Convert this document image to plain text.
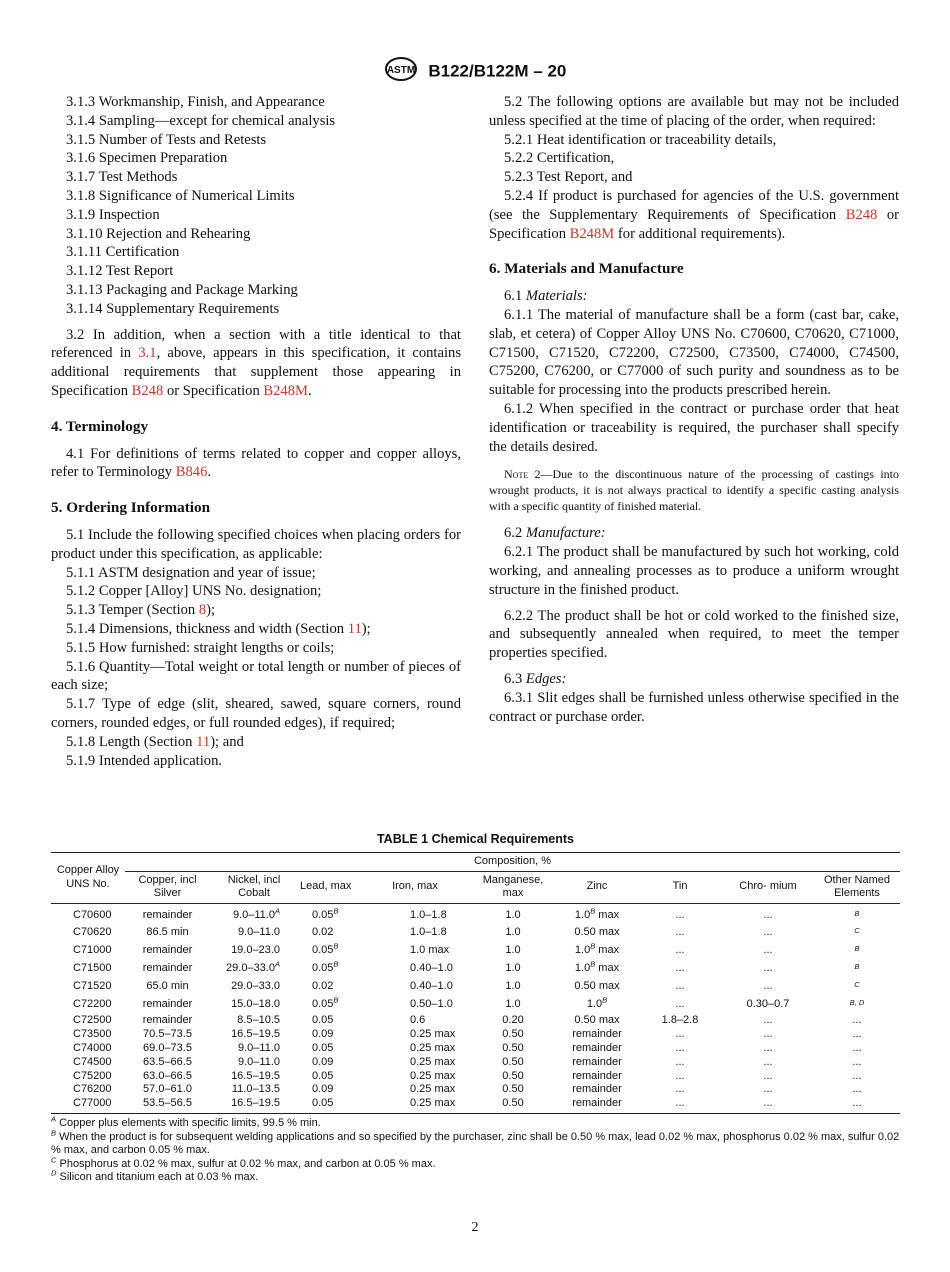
ASTM B122/B122M – 20

3.1.3 Workmanship, Finish, and Appearance

3.1.4 Sampling—except for chemical analysis

3.1.5 Number of Tests and Retests

3.1.6 Specimen Preparation

3.1.7 Test Methods

3.1.8 Significance of Numerical Limits

3.1.9 Inspection

3.1.10 Rejection and Rehearing

3.1.11 Certification

3.1.12 Test Report

3.1.13 Packaging and Package Marking

3.1.14 Supplementary Requirements

3.2 In addition, when a section with a title identical to that referenced in 3.1, above, appears in this specification, it contains additional requirements that supplement those appearing in Specification B248 or Specification B248M.

4. Terminology

4.1 For definitions of terms related to copper and copper alloys, refer to Terminology B846.

5. Ordering Information

5.1 Include the following specified choices when placing orders for product under this specification, as applicable:

5.1.1 ASTM designation and year of issue;

5.1.2 Copper [Alloy] UNS No. designation;

5.1.3 Temper (Section 8);

5.1.4 Dimensions, thickness and width (Section 11);

5.1.5 How furnished: straight lengths or coils;

5.1.6 Quantity—Total weight or total length or number of pieces of each size;

5.1.7 Type of edge (slit, sheared, sawed, square corners, round corners, rounded edges, or full rounded edges), if required;

5.1.8 Length (Section 11); and

5.1.9 Intended application.

5.2 The following options are available but may not be included unless specified at the time of placing of the order, when required:

5.2.1 Heat identification or traceability details,

5.2.2 Certification,

5.2.3 Test Report, and

5.2.4 If product is purchased for agencies of the U.S. government (see the Supplementary Requirements of Specification B248 or Specification B248M for additional requirements).

6. Materials and Manufacture

6.1 Materials:

6.1.1 The material of manufacture shall be a form (cast bar, cake, slab, et cetera) of Copper Alloy UNS No. C70600, C70620, C71000, C71500, C71520, C72200, C72500, C73500, C74000, C74500, C75200, C76200, or C77000 of such purity and soundness as to be suitable for processing into the products prescribed herein.

6.1.2 When specified in the contract or purchase order that heat identification or traceability is required, the purchaser shall specify the details desired.

Note 2—Due to the discontinuous nature of the processing of castings into wrought products, it is not always practical to identify a specific casting analysis with a specific quantity of finished material.

6.2 Manufacture:

6.2.1 The product shall be manufactured by such hot working, cold working, and annealing processes as to produce a uniform wrought structure in the finished product.

6.2.2 The product shall be hot or cold worked to the finished size, and subsequently annealed when required, to meet the temper properties specified.

6.3 Edges:

6.3.1 Slit edges shall be furnished unless otherwise specified in the contract or purchase order.

TABLE 1 Chemical Requirements
Copper Alloy UNS No.	Composition, %								
	Copper, incl Silver	Nickel, incl Cobalt	Lead, max	Iron, max	Manganese, max	Zinc	Tin	Chro- mium	Other Named Elements
C70600	remainder	$9.0-11.0^A$	$0.05^B$	1.0–1.8	1.0	$1.0^B$ max	...	...	$^B$
C70620	86.5 min	9.0–11.0	0.02	1.0–1.8	1.0	0.50 max	...	...	$^C$
C71000	remainder	19.0–23.0	$0.05^B$	1.0 max	1.0	$1.0^B$ max	...	...	$^B$
C71500	remainder	$29.0-33.0^A$	$0.05^B$	0.40–1.0	1.0	$1.0^B$ max	...	...	$^B$
C71520	65.0 min	29.0–33.0	0.02	0.40–1.0	1.0	0.50 max	...	...	$^C$
C72200	remainder	15.0–18.0	$0.05^B$	0.50–1.0	1.0	$1.0^B$	...	0.30–0.7	$^{B, D}$
C72500	remainder	8.5–10.5	0.05	0.6	0.20	0.50 max	1.8–2.8	...	...
C73500	70.5–73.5	16.5–19.5	0.09	0.25 max	0.50	remainder	...	...	...
C74000	69.0–73.5	9.0–11.0	0.05	0.25 max	0.50	remainder	...	...	...
C74500	63.5–66.5	9.0–11.0	0.09	0.25 max	0.50	remainder	...	...	...
C75200	63.0–66.5	16.5–19.5	0.05	0.25 max	0.50	remainder	...	...	...
C76200	57.0–61.0	11.0–13.5	0.09	0.25 max	0.50	remainder	...	...	...
C77000	53.5–56.5	16.5–19.5	0.05	0.25 max	0.50	remainder	...	...	...

$^A$ Copper plus elements with specific limits, 99.5 % min.

$^B$ When the product is for subsequent welding applications and so specified by the purchaser, zinc shall be 0.50 % max, lead 0.02 % max, phosphorus 0.02 % max, sulfur 0.02 % max, and carbon 0.05 % max.

$^C$ Phosphorus at 0.02 % max, sulfur at 0.02 % max, and carbon at 0.05 % max.

$^D$ Silicon and titanium each at 0.03 % max.

2
